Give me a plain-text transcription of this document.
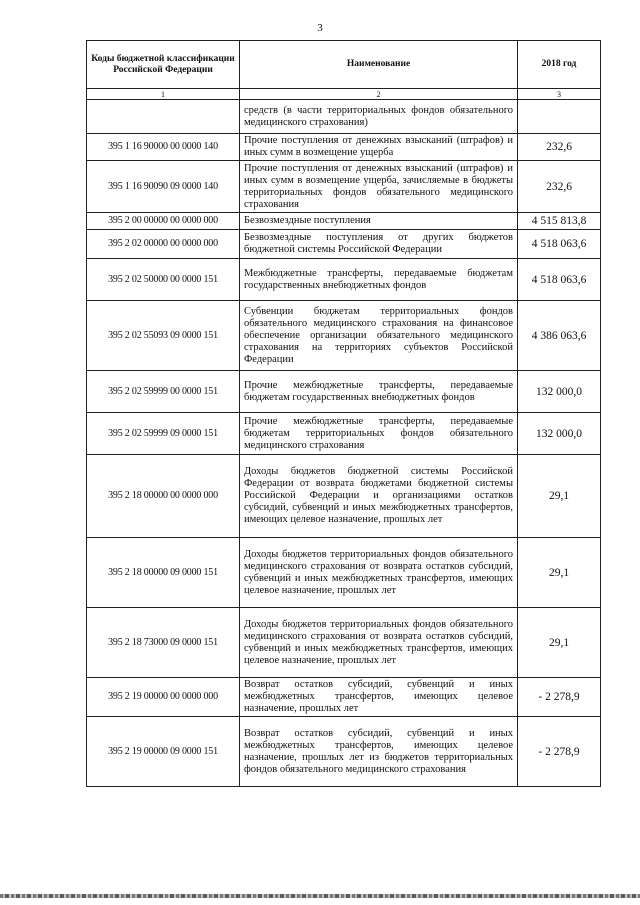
3
Коды бюджетной классификации Российской Федерации	Наименование	2018 год
1	2	3
	средств (в части территориальных фондов обязательного медицинского страхования)	
395 1 16 90000 00 0000 140	Прочие поступления от денежных взысканий (штрафов) и иных сумм в возмещение ущерба	232,6
395 1 16 90090 09 0000 140	Прочие поступления от денежных взысканий (штрафов) и иных сумм в возмещение ущерба, зачисляемые в бюджеты территориальных фондов обязательного медицинского страхования	232,6
395 2 00 00000 00 0000 000	Безвозмездные поступления	4 515 813,8
395 2 02 00000 00 0000 000	Безвозмездные поступления от других бюджетов бюджетной системы Российской Федерации	4 518 063,6
395 2 02 50000 00 0000 151	Межбюджетные трансферты, передаваемые бюджетам государственных внебюджетных фондов	4 518 063,6
395 2 02 55093 09 0000 151	Субвенции бюджетам территориальных фондов обязательного медицинского страхования на финансовое обеспечение организации обязательного медицинского страхования на территориях субъектов Российской Федерации	4 386 063,6
395 2 02 59999 00 0000 151	Прочие межбюджетные трансферты, передаваемые бюджетам государственных внебюджетных фондов	132 000,0
395 2 02 59999 09 0000 151	Прочие межбюджетные трансферты, передаваемые бюджетам территориальных фондов обязательного медицинского страхования	132 000,0
395 2 18 00000 00 0000 000	Доходы бюджетов бюджетной системы Российской Федерации от возврата бюджетами бюджетной системы Российской Федерации и организациями остатков субсидий, субвенций и иных межбюджетных трансфертов, имеющих целевое назначение, прошлых лет	29,1
395 2 18 00000 09 0000 151	Доходы бюджетов территориальных фондов обязательного медицинского страхования от возврата остатков субсидий, субвенций и иных межбюджетных трансфертов, имеющих целевое назначение, прошлых лет	29,1
395 2 18 73000 09 0000 151	Доходы бюджетов территориальных фондов обязательного медицинского страхования от возврата остатков субсидий, субвенций и иных межбюджетных трансфертов, имеющих целевое назначение, прошлых лет	29,1
395 2 19 00000 00 0000 000	Возврат остатков субсидий, субвенций и иных межбюджетных трансфертов, имеющих целевое назначение, прошлых лет	- 2 278,9
395 2 19 00000 09 0000 151	Возврат остатков субсидий, субвенций и иных межбюджетных трансфертов, имеющих целевое назначение, прошлых лет из бюджетов территориальных фондов обязательного медицинского страхования	- 2 278,9
